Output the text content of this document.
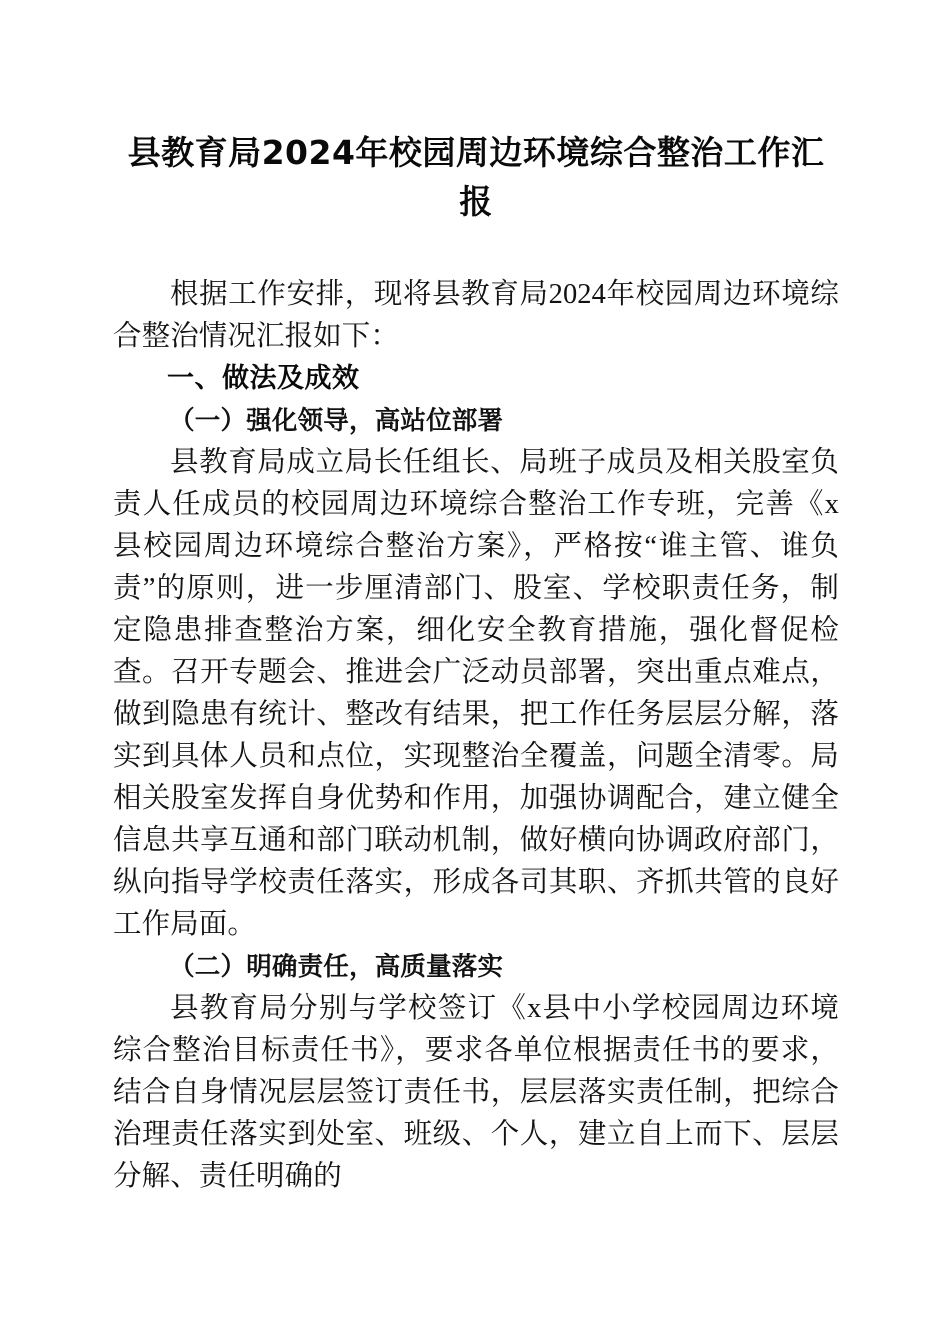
县教育局2024年校园周边环境综合整治工作汇报

根据工作安排，现将县教育局2024年校园周边环境综合整治情况汇报如下：

一、做法及成效
（一）强化领导，高站位部署

县教育局成立局长任组长、局班子成员及相关股室负责人任成员的校园周边环境综合整治工作专班，完善《x县校园周边环境综合整治方案》，严格按“谁主管、谁负责”的原则，进一步厘清部门、股室、学校职责任务，制定隐患排查整治方案，细化安全教育措施，强化督促检查。召开专题会、推进会广泛动员部署，突出重点难点，做到隐患有统计、整改有结果，把工作任务层层分解，落实到具体人员和点位，实现整治全覆盖，问题全清零。局相关股室发挥自身优势和作用，加强协调配合，建立健全信息共享互通和部门联动机制，做好横向协调政府部门，纵向指导学校责任落实，形成各司其职、齐抓共管的良好工作局面。

（二）明确责任，高质量落实

县教育局分别与学校签订《x县中小学校园周边环境综合整治目标责任书》，要求各单位根据责任书的要求，结合自身情况层层签订责任书，层层落实责任制，把综合治理责任落实到处室、班级、个人，建立自上而下、层层分解、责任明确的
